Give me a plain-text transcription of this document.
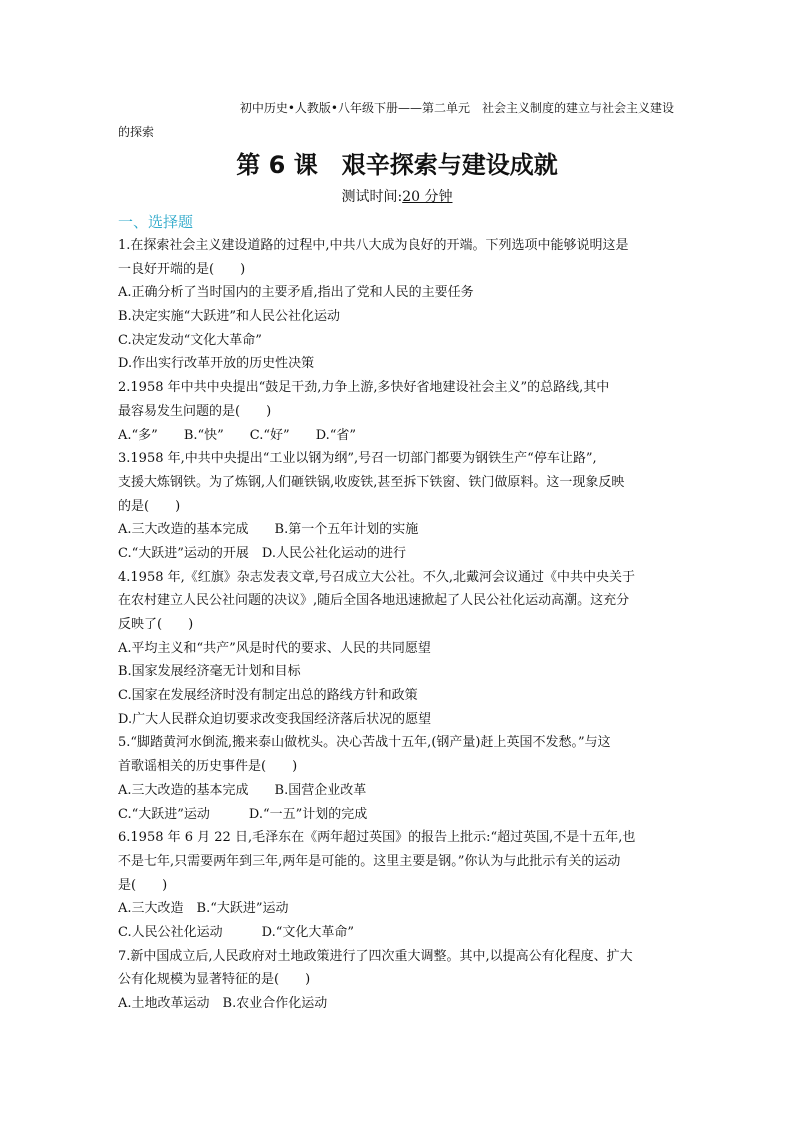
初中历史•人教版•八年级下册——第二单元　社会主义制度的建立与社会主义建设
的探索
第 6 课　艰辛探索与建设成就
测试时间:20 分钟
一、选择题
1.在探索社会主义建设道路的过程中,中共八大成为良好的开端。下列选项中能够说明这是
一良好开端的是(　　)
A.正确分析了当时国内的主要矛盾,指出了党和人民的主要任务
B.决定实施“大跃进”和人民公社化运动
C.决定发动“文化大革命”
D.作出实行改革开放的历史性决策
2.1958 年中共中央提出“鼓足干劲,力争上游,多快好省地建设社会主义”的总路线,其中
最容易发生问题的是(　　)
A.“多”　　B.“快”　　C.“好”　　D.“省”
3.1958 年,中共中央提出“工业以钢为纲”,号召一切部门都要为钢铁生产“停车让路”,
支援大炼钢铁。为了炼钢,人们砸铁锅,收废铁,甚至拆下铁窗、铁门做原料。这一现象反映
的是(　　)
A.三大改造的基本完成　　B.第一个五年计划的实施
C.“大跃进”运动的开展　D.人民公社化运动的进行
4.1958 年,《红旗》杂志发表文章,号召成立大公社。不久,北戴河会议通过《中共中央关于
在农村建立人民公社问题的决议》,随后全国各地迅速掀起了人民公社化运动高潮。这充分
反映了(　　)
A.平均主义和“共产”风是时代的要求、人民的共同愿望
B.国家发展经济毫无计划和目标
C.国家在发展经济时没有制定出总的路线方针和政策
D.广大人民群众迫切要求改变我国经济落后状况的愿望
5.“脚踏黄河水倒流,搬来泰山做枕头。决心苦战十五年,(钢产量)赶上英国不发愁。”与这
首歌谣相关的历史事件是(　　)
A.三大改造的基本完成　　B.国营企业改革
C.“大跃进”运动　　　D.“一五”计划的完成
6.1958 年 6 月 22 日,毛泽东在《两年超过英国》的报告上批示:“超过英国,不是十五年,也
不是七年,只需要两年到三年,两年是可能的。这里主要是钢。”你认为与此批示有关的运动
是(　　)
A.三大改造　B.“大跃进”运动
C.人民公社化运动　　　D.“文化大革命”
7.新中国成立后,人民政府对土地政策进行了四次重大调整。其中,以提高公有化程度、扩大
公有化规模为显著特征的是(　　)
A.土地改革运动　B.农业合作化运动
